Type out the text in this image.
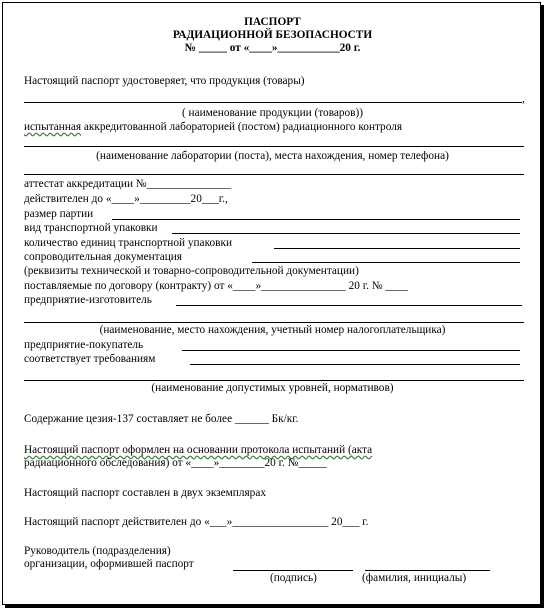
ПАСПОРТ
РАДИАЦИОННОЙ БЕЗОПАСНОСТИ
№ _____ от «____»___________20 г.
Настоящий паспорт удостоверяет, что продукция (товары)
,
( наименование продукции (товаров))
испытанная аккредитованной лабораторией (постом) радиационного контроля
(наименование лаборатории (поста), места нахождения, номер телефона)
аттестат аккредитации №_______________
действителен до «____»_________20___г.,
размер партии
вид транспортной упаковки
количество единиц транспортной упаковки
сопроводительная документация
(реквизиты технической и товарно-сопроводительной документации)
поставляемые по договору (контракту) от «____»_______________ 20 г. № ____
предприятие-изготовитель
(наименование, место нахождения, учетный номер налогоплательщика)
предприятие-покупатель
соответствует требованиям
(наименование допустимых уровней, нормативов)
Содержание цезия-137 составляет не более ______ Бк/кг.
Настоящий паспорт оформлен на основании протокола испытаний (акта
радиационного обследования) от «____»________20 г. №_____
Настоящий паспорт составлен в двух экземплярах
Настоящий паспорт действителен до «___»_________________ 20___ г.
Руководитель (подразделения)
организации, оформившей паспорт
(подпись)	(фамилия, инициалы)
